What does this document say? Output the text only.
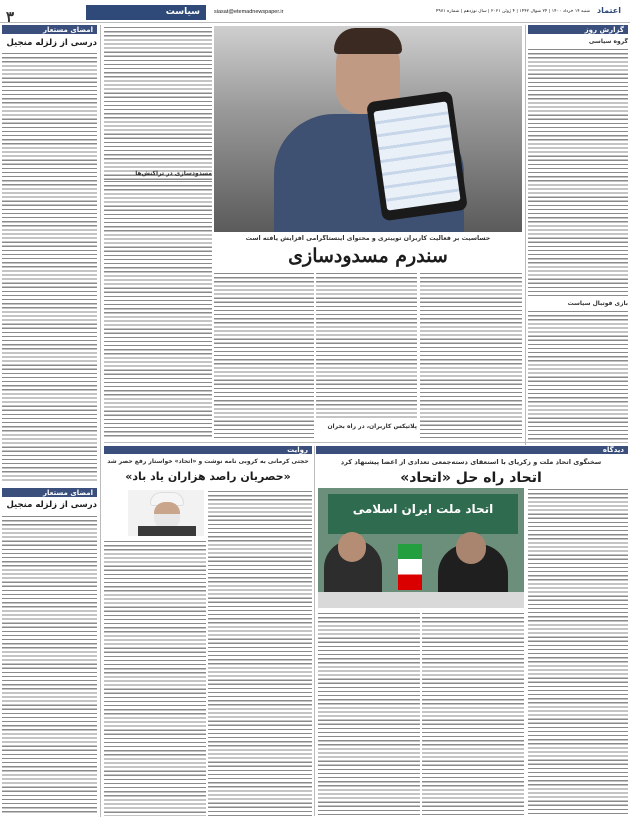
۳	سیاست	siasat@etemadnewspaper.ir	شنبه ۱۴ خرداد ۱۴۰۰ | ۲۴ شوال ۱۴۴۲ | ۴ ژوئن ۲۰۲۱ | سال نوزدهم | شماره ۴۹۷۱ اعتماد
امضای مستعار
درسی از زلزله منجیل
امضای مستعار
درسی از زلزله منجیل
گزارش روز
گروه سیاسی
بازی فوتبال سیاست
حساسیت بر فعالیت کاربران توییتری و محتوای اینستاگرامی افزایش یافته است
سندرم مسدودسازی
پلاتیکس کاربران، در راه بحران
مسدودسازی در تراکنش‌ها
روایت	دیدگاه
سخنگوی اتحاد ملت و زکریای با استعفای دسته‌جمعی تعدادی از اعضا پیشنهاد کرد
اتحاد راه حل «اتحاد»
اتحاد ملت ایران اسلامی
حجتی کرمانی به کروبی نامه نوشت و «اتحاد» خواستار رفع حصر شد
«حصریان راصد هزاران یاد باد»
